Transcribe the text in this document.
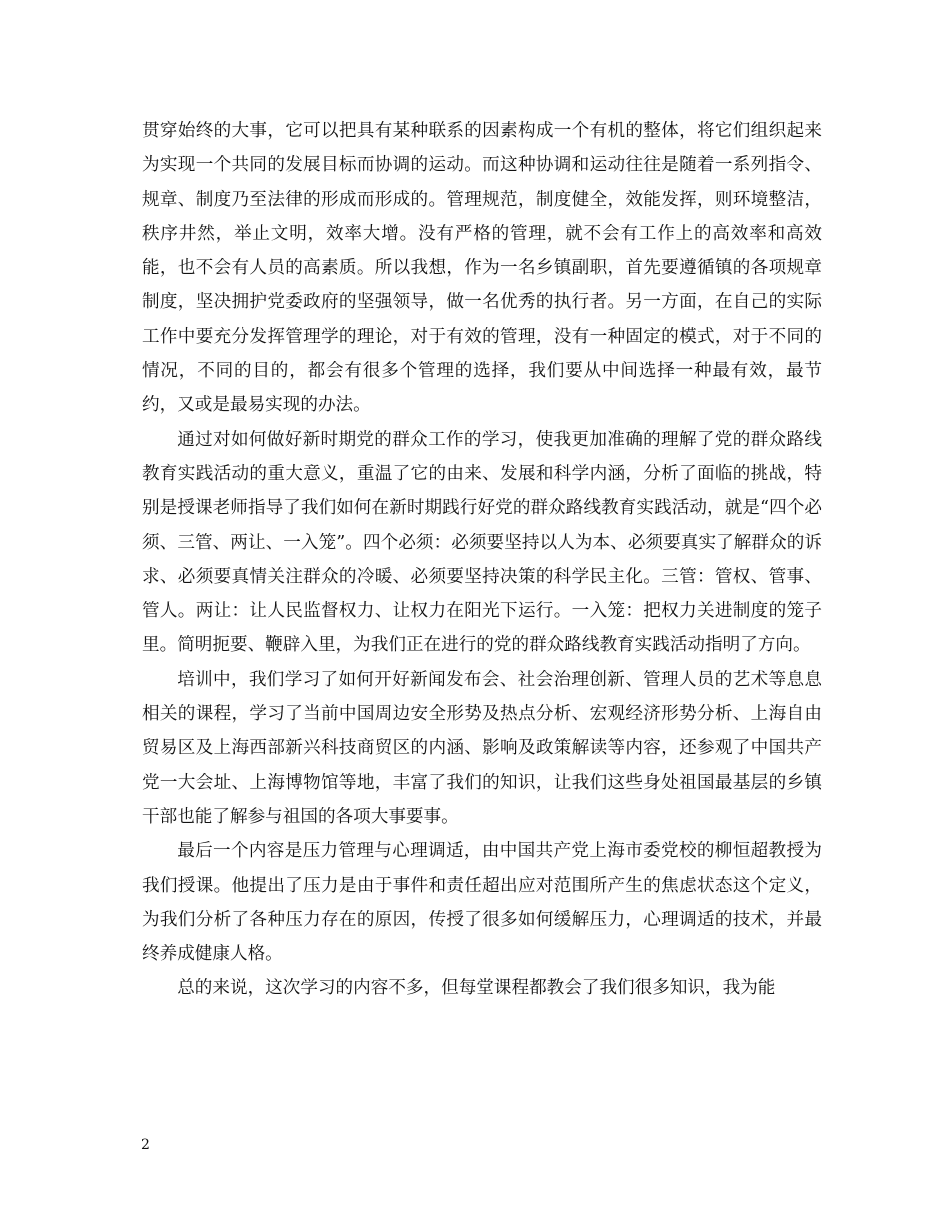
贯穿始终的大事，它可以把具有某种联系的因素构成一个有机的整体，将它们组织起来为实现一个共同的发展目标而协调的运动。而这种协调和运动往往是随着一系列指令、规章、制度乃至法律的形成而形成的。管理规范，制度健全，效能发挥，则环境整洁，秩序井然，举止文明，效率大增。没有严格的管理，就不会有工作上的高效率和高效能，也不会有人员的高素质。所以我想，作为一名乡镇副职，首先要遵循镇的各项规章制度，坚决拥护党委政府的坚强领导，做一名优秀的执行者。另一方面，在自己的实际工作中要充分发挥管理学的理论，对于有效的管理，没有一种固定的模式，对于不同的情况，不同的目的，都会有很多个管理的选择，我们要从中间选择一种最有效，最节约，又或是最易实现的办法。

通过对如何做好新时期党的群众工作的学习，使我更加准确的理解了党的群众路线教育实践活动的重大意义，重温了它的由来、发展和科学内涵，分析了面临的挑战，特别是授课老师指导了我们如何在新时期践行好党的群众路线教育实践活动，就是“四个必须、三管、两让、一入笼”。四个必须：必须要坚持以人为本、必须要真实了解群众的诉求、必须要真情关注群众的冷暖、必须要坚持决策的科学民主化。三管：管权、管事、管人。两让：让人民监督权力、让权力在阳光下运行。一入笼：把权力关进制度的笼子里。简明扼要、鞭辟入里，为我们正在进行的党的群众路线教育实践活动指明了方向。

培训中，我们学习了如何开好新闻发布会、社会治理创新、管理人员的艺术等息息相关的课程，学习了当前中国周边安全形势及热点分析、宏观经济形势分析、上海自由贸易区及上海西部新兴科技商贸区的内涵、影响及政策解读等内容，还参观了中国共产党一大会址、上海博物馆等地，丰富了我们的知识，让我们这些身处祖国最基层的乡镇干部也能了解参与祖国的各项大事要事。

最后一个内容是压力管理与心理调适，由中国共产党上海市委党校的柳恒超教授为我们授课。他提出了压力是由于事件和责任超出应对范围所产生的焦虑状态这个定义，为我们分析了各种压力存在的原因，传授了很多如何缓解压力，心理调适的技术，并最终养成健康人格。

总的来说，这次学习的内容不多，但每堂课程都教会了我们很多知识，我为能

2
